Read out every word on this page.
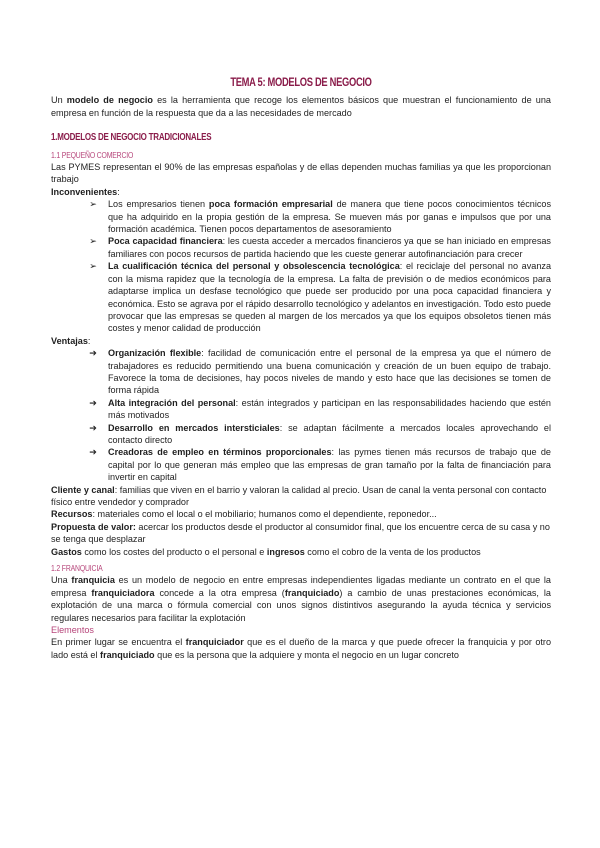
TEMA 5: MODELOS DE NEGOCIO

Un modelo de negocio es la herramienta que recoge los elementos básicos que muestran el funcionamiento de una empresa en función de la respuesta que da a las necesidades de mercado

1.MODELOS DE NEGOCIO TRADICIONALES
1.1 PEQUEÑO COMERCIO

Las PYMES representan el 90% de las empresas españolas y de ellas dependen muchas familias ya que les proporcionan trabajo

Inconvenientes:

➢	Los empresarios tienen poca formación empresarial de manera que tiene pocos conocimientos técnicos que ha adquirido en la propia gestión de la empresa. Se mueven más por ganas e impulsos que por una formación académica. Tienen pocos departamentos de asesoramiento
➢	Poca capacidad financiera: les cuesta acceder a mercados financieros ya que se han iniciado en empresas familiares con pocos recursos de partida haciendo que les cueste generar autofinanciación para crecer
➢	La cualificación técnica del personal y obsolescencia tecnológica: el reciclaje del personal no avanza con la misma rapidez que la tecnología de la empresa. La falta de previsión o de medios económicos para adaptarse implica un desfase tecnológico que puede ser producido por una poca capacidad financiera y económica. Esto se agrava por el rápido desarrollo tecnológico y adelantos en investigación. Todo esto puede provocar que las empresas se queden al margen de los mercados ya que los equipos obsoletos tienen más costes y menor calidad de producción

Ventajas:

➔	Organización flexible: facilidad de comunicación entre el personal de la empresa ya que el número de trabajadores es reducido permitiendo una buena comunicación y creación de un buen equipo de trabajo. Favorece la toma de decisiones, hay pocos niveles de mando y esto hace que las decisiones se tomen de forma rápida
➔	Alta integración del personal: están integrados y participan en las responsabilidades haciendo que estén más motivados
➔	Desarrollo en mercados intersticiales: se adaptan fácilmente a mercados locales aprovechando el contacto directo
➔	Creadoras de empleo en términos proporcionales: las pymes tienen más recursos de trabajo que de capital por lo que generan más empleo que las empresas de gran tamaño por la falta de financiación para invertir en capital

Cliente y canal: familias que viven en el barrio y valoran la calidad al precio. Usan de canal la venta personal con contacto físico entre vendedor y comprador

Recursos: materiales como el local o el mobiliario; humanos como el dependiente, reponedor...

Propuesta de valor: acercar los productos desde el productor al consumidor final, que los encuentre cerca de su casa y no se tenga que desplazar

Gastos como los costes del producto o el personal e ingresos como el cobro de la venta de los productos

1.2 FRANQUICIA

Una franquicia es un modelo de negocio en entre empresas independientes ligadas mediante un contrato en el que la empresa franquiciadora concede a la otra empresa (franquiciado) a cambio de unas prestaciones económicas, la explotación de una marca o fórmula comercial con unos signos distintivos asegurando la ayuda técnica y servicios regulares necesarios para facilitar la explotación

Elementos

En primer lugar se encuentra el franquiciador que es el dueño de la marca y que puede ofrecer la franquicia y por otro lado está el franquiciado que es la persona que la adquiere y monta el negocio en un lugar concreto
